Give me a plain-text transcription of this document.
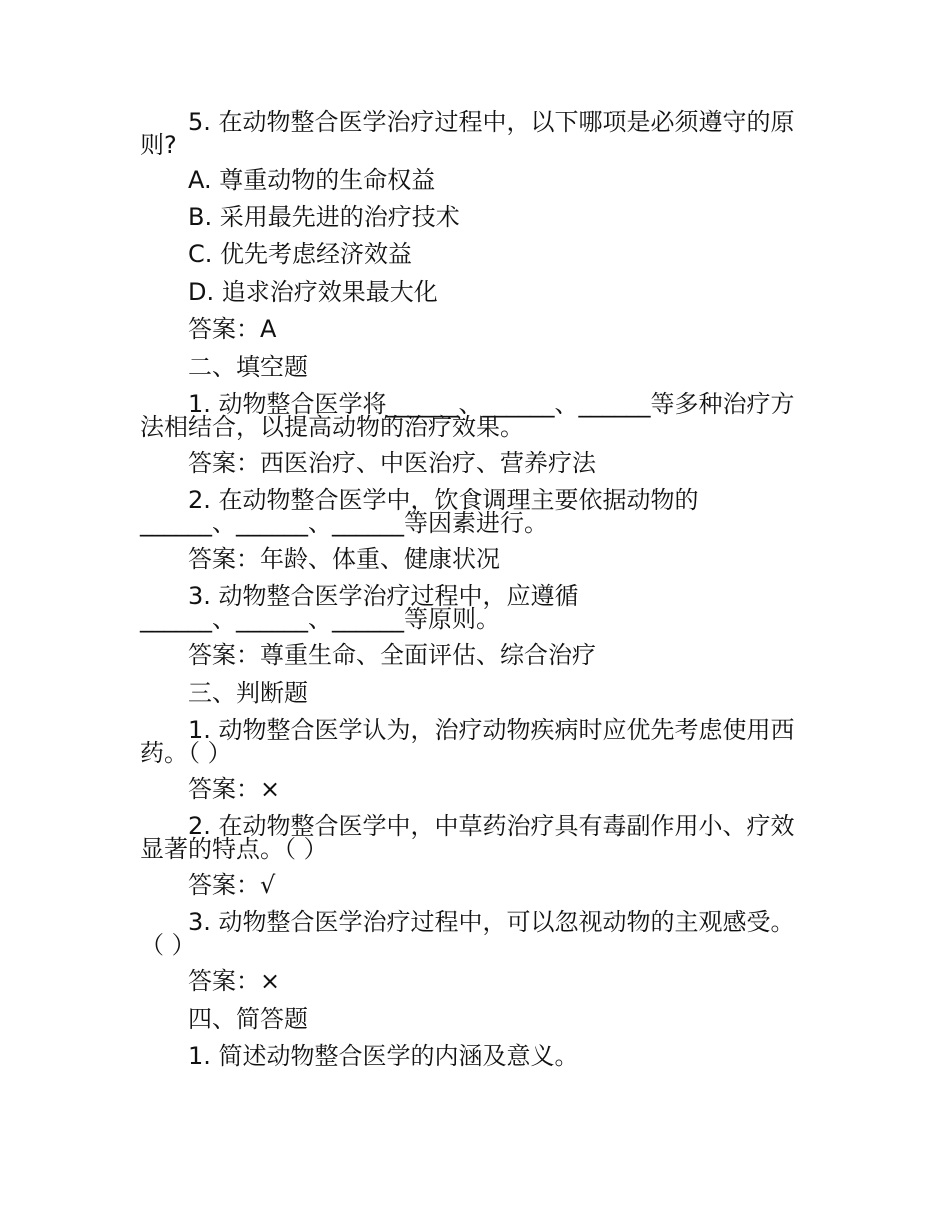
5. 在动物整合医学治疗过程中，以下哪项是必须遵守的原

则?

A. 尊重动物的生命权益

B. 采用最先进的治疗技术

C. 优先考虑经济效益

D. 追求治疗效果最大化

答案：A

二、填空题

1. 动物整合医学将______、______、______等多种治疗方

法相结合，以提高动物的治疗效果。

答案：西医治疗、中医治疗、营养疗法

2. 在动物整合医学中，饮食调理主要依据动物的

______、______、______等因素进行。

答案：年龄、体重、健康状况

3. 动物整合医学治疗过程中，应遵循

______、______、______等原则。

答案：尊重生命、全面评估、综合治疗

三、判断题

1. 动物整合医学认为，治疗动物疾病时应优先考虑使用西

药。（ ）

答案：×

2. 在动物整合医学中，中草药治疗具有毒副作用小、疗效

显著的特点。（ ）

答案：√

3. 动物整合医学治疗过程中，可以忽视动物的主观感受。

（ ）

答案：×

四、简答题

1. 简述动物整合医学的内涵及意义。
